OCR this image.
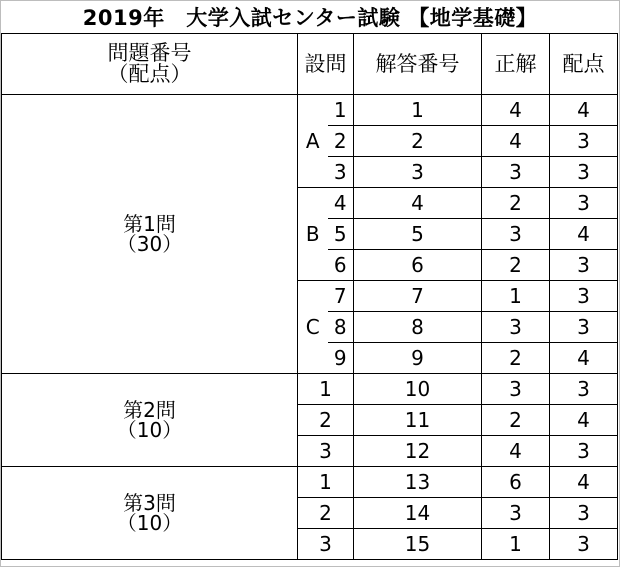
2019年　大学入試センター試験 【地学基礎】
問題番号
（配点）	設問		解答番号	正解	配点

第1問
（30）	A	1	1	4	4
		2	2	4	3
		3	3	3	3
	B	4	4	2	3
		5	5	3	4
		6	6	2	3
	C	7	7	1	3
		8	8	3	3
		9	9	2	4

第2問
（10）	1		10	3	3
	2		11	2	4
	3		12	4	3

第3問
（10）	1		13	6	4
	2		14	3	3
	3		15	1	3
